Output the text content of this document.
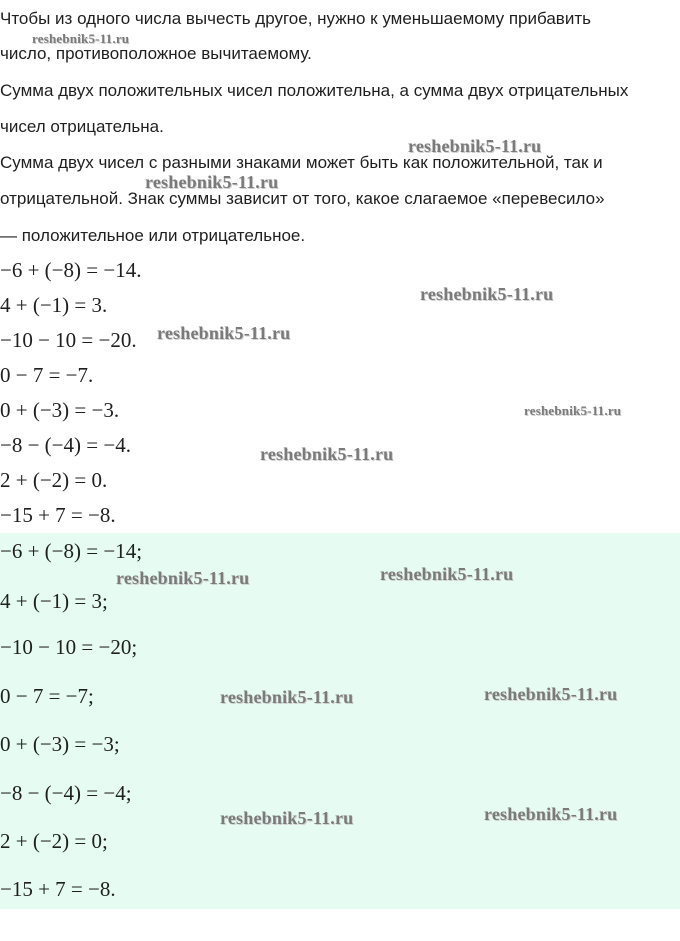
Чтобы из одного числа вычесть другое, нужно к уменьшаемому прибавить
число, противоположное вычитаемому.
Сумма двух положительных чисел положительна, а сумма двух отрицательных
чисел отрицательна.
Сумма двух чисел с разными знаками может быть как положительной, так и
отрицательной. Знак суммы зависит от того, какое слагаемое «перевесило»
— положительное или отрицательное.
−6 + (−8) = −14.
4 + (−1) = 3.
−10 − 10 = −20.
0 − 7 = −7.
0 + (−3) = −3.
−8 − (−4) = −4.
2 + (−2) = 0.
−15 + 7 = −8.
−6 + (−8) = −14;
4 + (−1) = 3;
−10 − 10 = −20;
0 − 7 = −7;
0 + (−3) = −3;
−8 − (−4) = −4;
2 + (−2) = 0;
−15 + 7 = −8.
reshebnik5-11.ru
reshebnik5-11.ru
reshebnik5-11.ru
reshebnik5-11.ru
reshebnik5-11.ru
reshebnik5-11.ru
reshebnik5-11.ru
reshebnik5-11.ru	reshebnik5-11.ru
reshebnik5-11.ru	reshebnik5-11.ru
reshebnik5-11.ru	reshebnik5-11.ru
